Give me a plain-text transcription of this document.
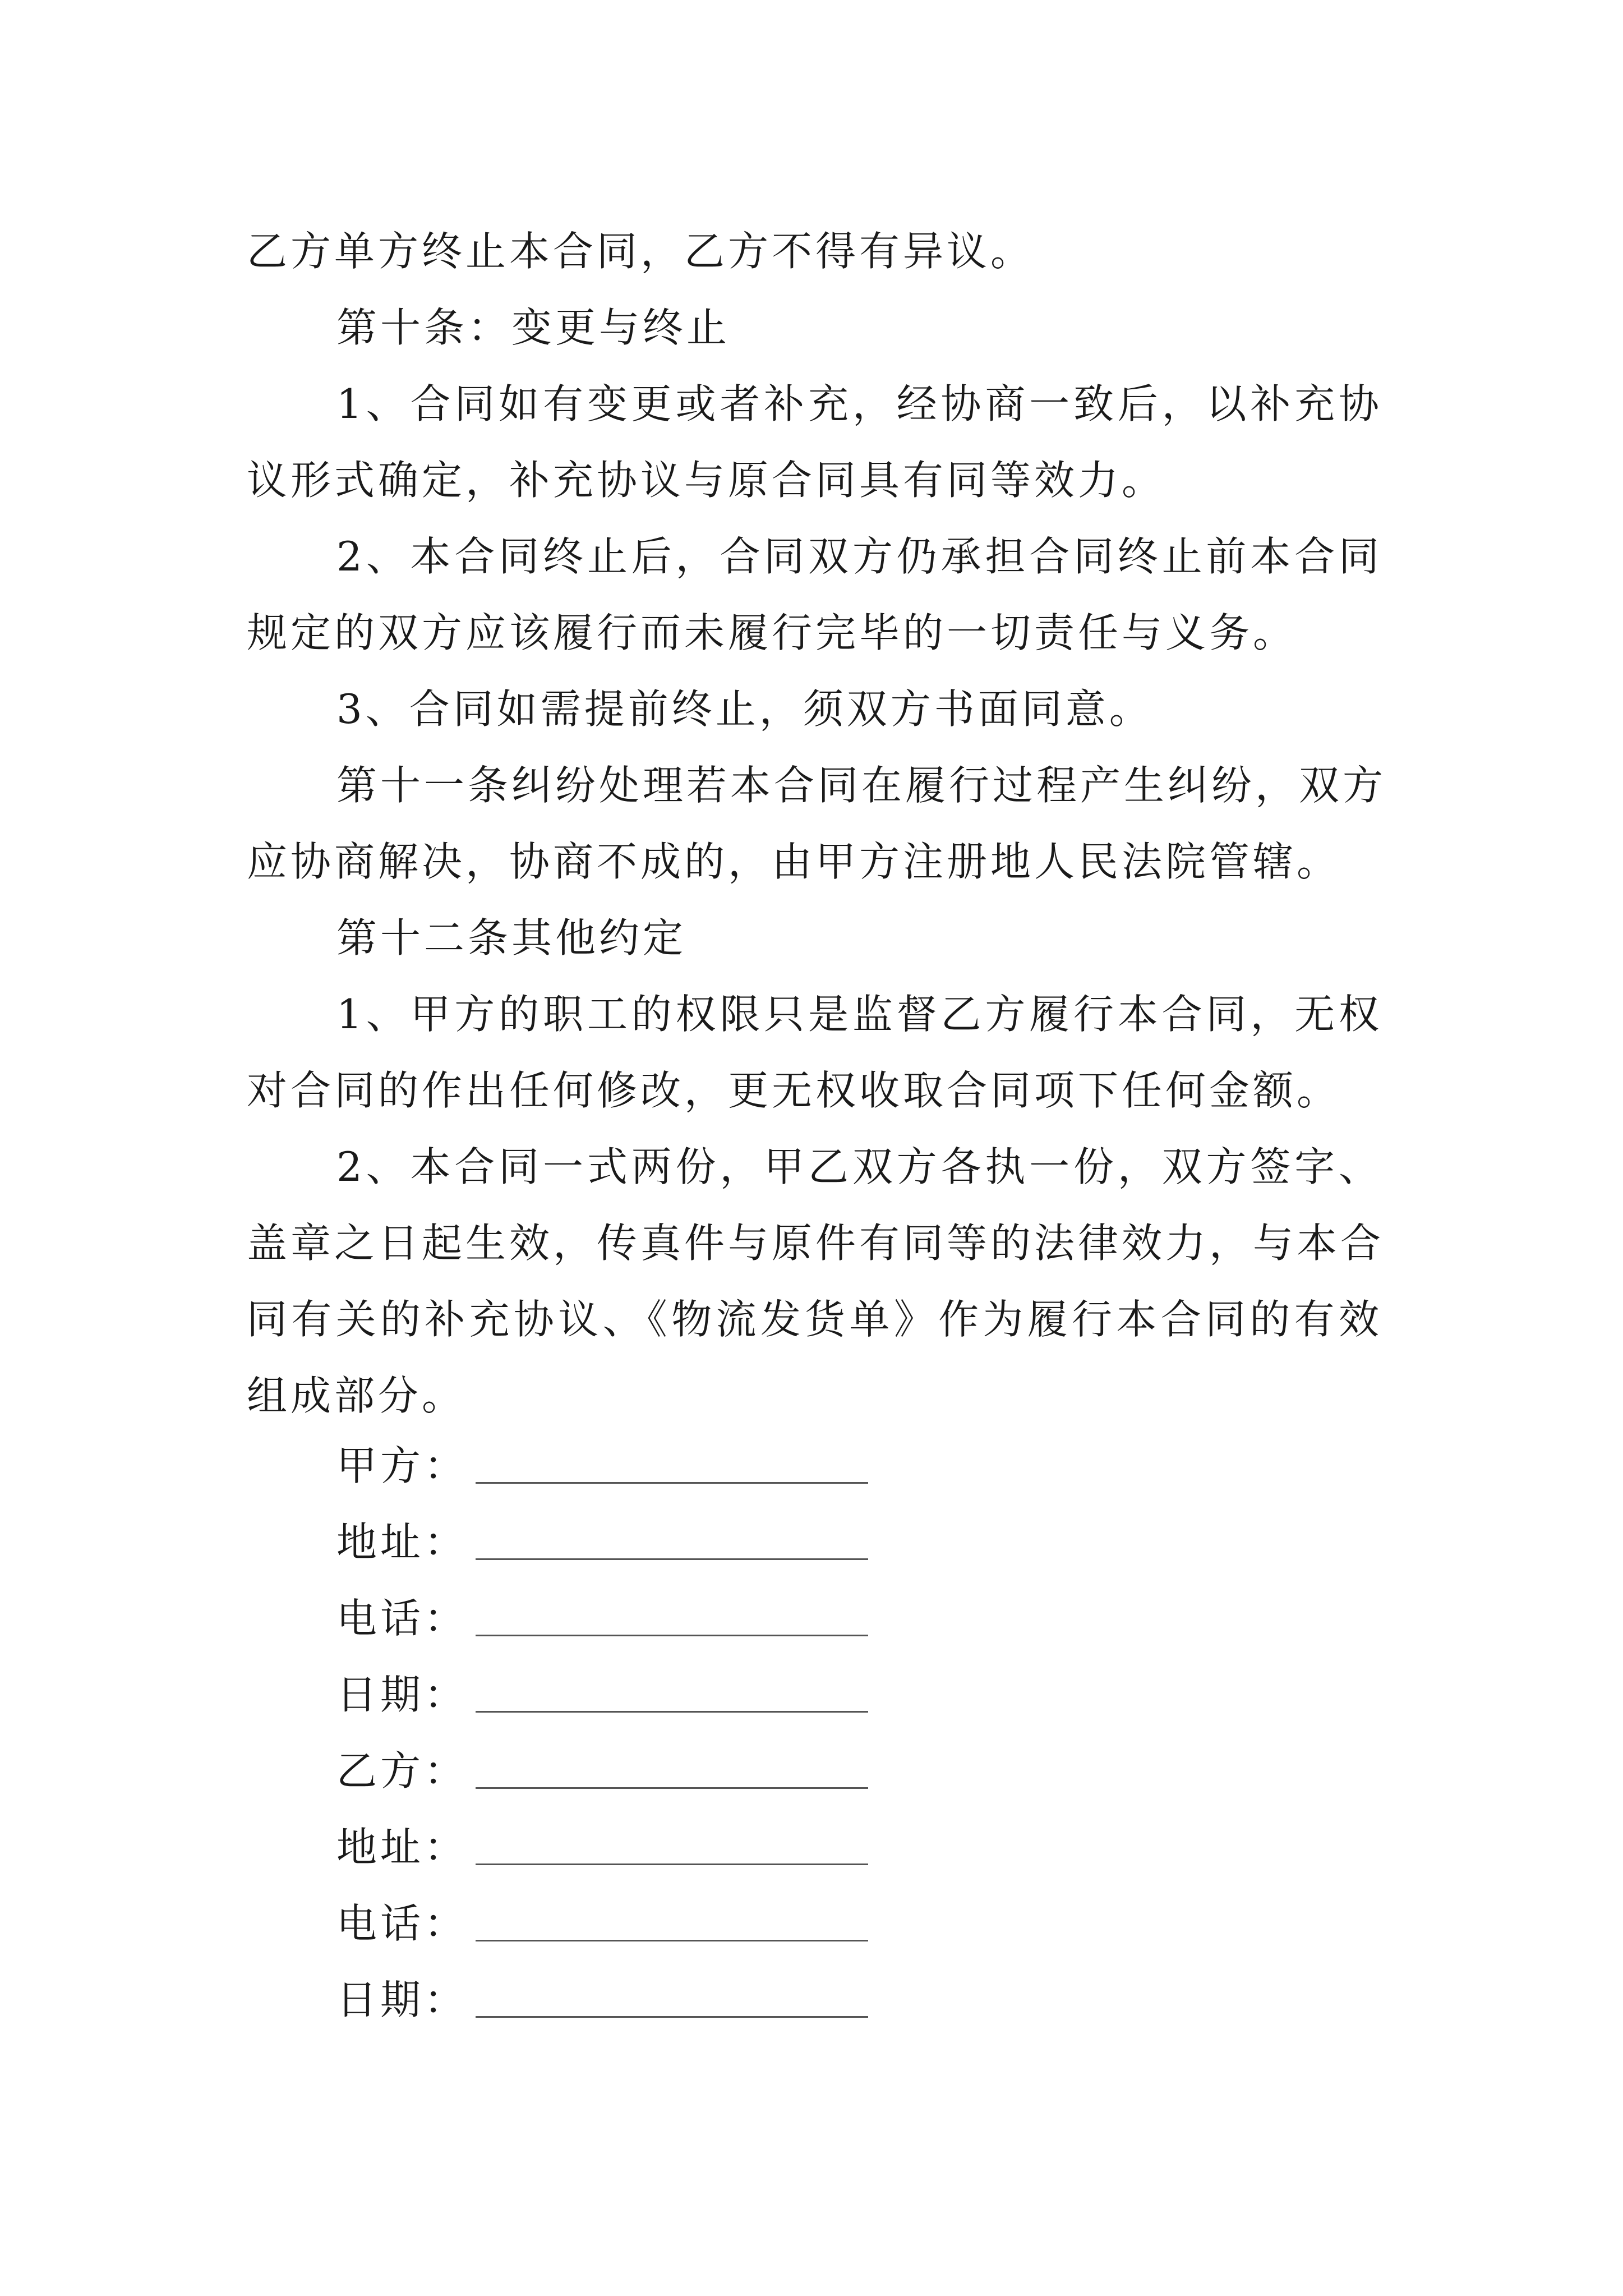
乙方单方终止本合同，乙方不得有异议。
第十条：变更与终止
1、合同如有变更或者补充，经协商一致后，以补充协
议形式确定，补充协议与原合同具有同等效力。
2、本合同终止后，合同双方仍承担合同终止前本合同
规定的双方应该履行而未履行完毕的一切责任与义务。
3、合同如需提前终止，须双方书面同意。
第十一条纠纷处理若本合同在履行过程产生纠纷，双方
应协商解决，协商不成的，由甲方注册地人民法院管辖。
第十二条其他约定
1、甲方的职工的权限只是监督乙方履行本合同，无权
对合同的作出任何修改，更无权收取合同项下任何金额。
2、本合同一式两份，甲乙双方各执一份，双方签字、
盖章之日起生效，传真件与原件有同等的法律效力，与本合
同有关的补充协议、《物流发货单》作为履行本合同的有效
组成部分。
甲方：
地址：
电话：
日期：
乙方：
地址：
电话：
日期：
